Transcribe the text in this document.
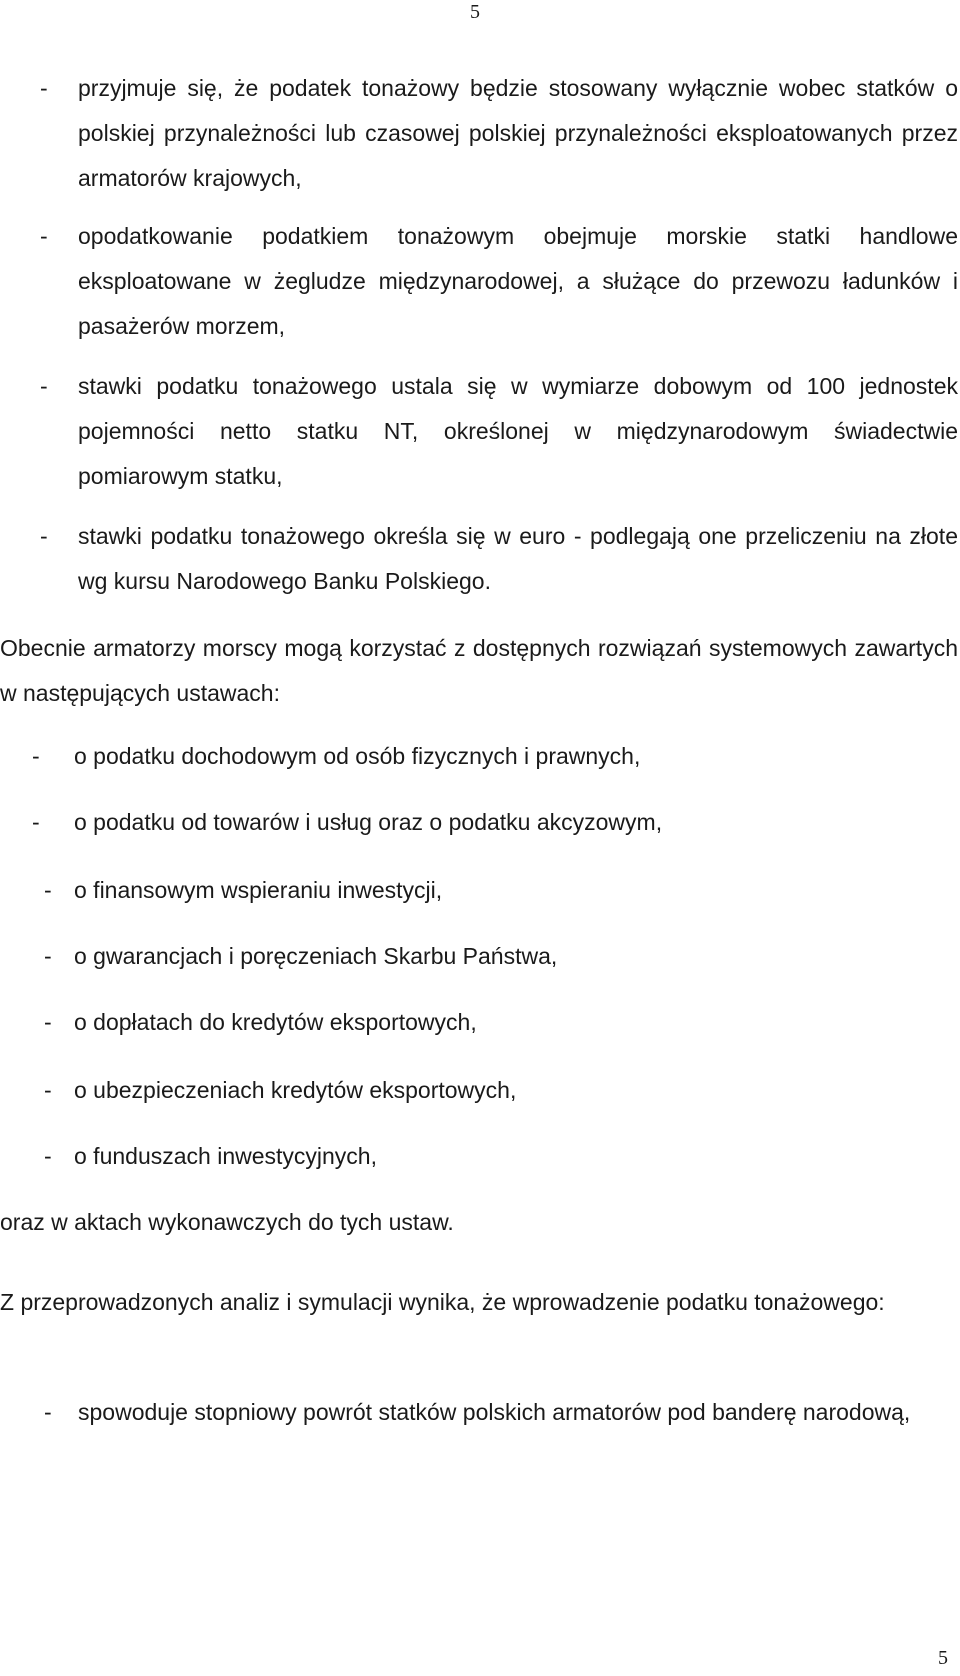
5
- przyjmuje się, że podatek tonażowy będzie stosowany wyłącznie wobec statków o polskiej przynależności lub czasowej polskiej przynależności eksploatowanych przez armatorów krajowych,
- opodatkowanie podatkiem tonażowym obejmuje morskie statki handlowe eksploatowane w żegludze międzynarodowej, a służące do przewozu ładunków i pasażerów morzem,
- stawki podatku tonażowego ustala się w wymiarze dobowym od 100 jednostek pojemności netto statku NT, określonej w międzynarodowym świadectwie pomiarowym statku,
- stawki podatku tonażowego określa się w euro - podlegają one przeliczeniu na złote wg kursu Narodowego Banku Polskiego.
Obecnie armatorzy morscy mogą korzystać z dostępnych rozwiązań systemowych zawartych w następujących ustawach:
- o podatku dochodowym od osób fizycznych i prawnych,
- o podatku od towarów i usług oraz o podatku akcyzowym,
- o finansowym wspieraniu inwestycji,
- o gwarancjach i poręczeniach Skarbu Państwa,
- o dopłatach do kredytów eksportowych,
- o ubezpieczeniach kredytów eksportowych,
- o funduszach inwestycyjnych,
oraz w aktach wykonawczych do tych ustaw.
Z przeprowadzonych analiz i symulacji wynika, że wprowadzenie podatku tonażowego:
- spowoduje stopniowy powrót statków polskich armatorów pod banderę narodową,
5
